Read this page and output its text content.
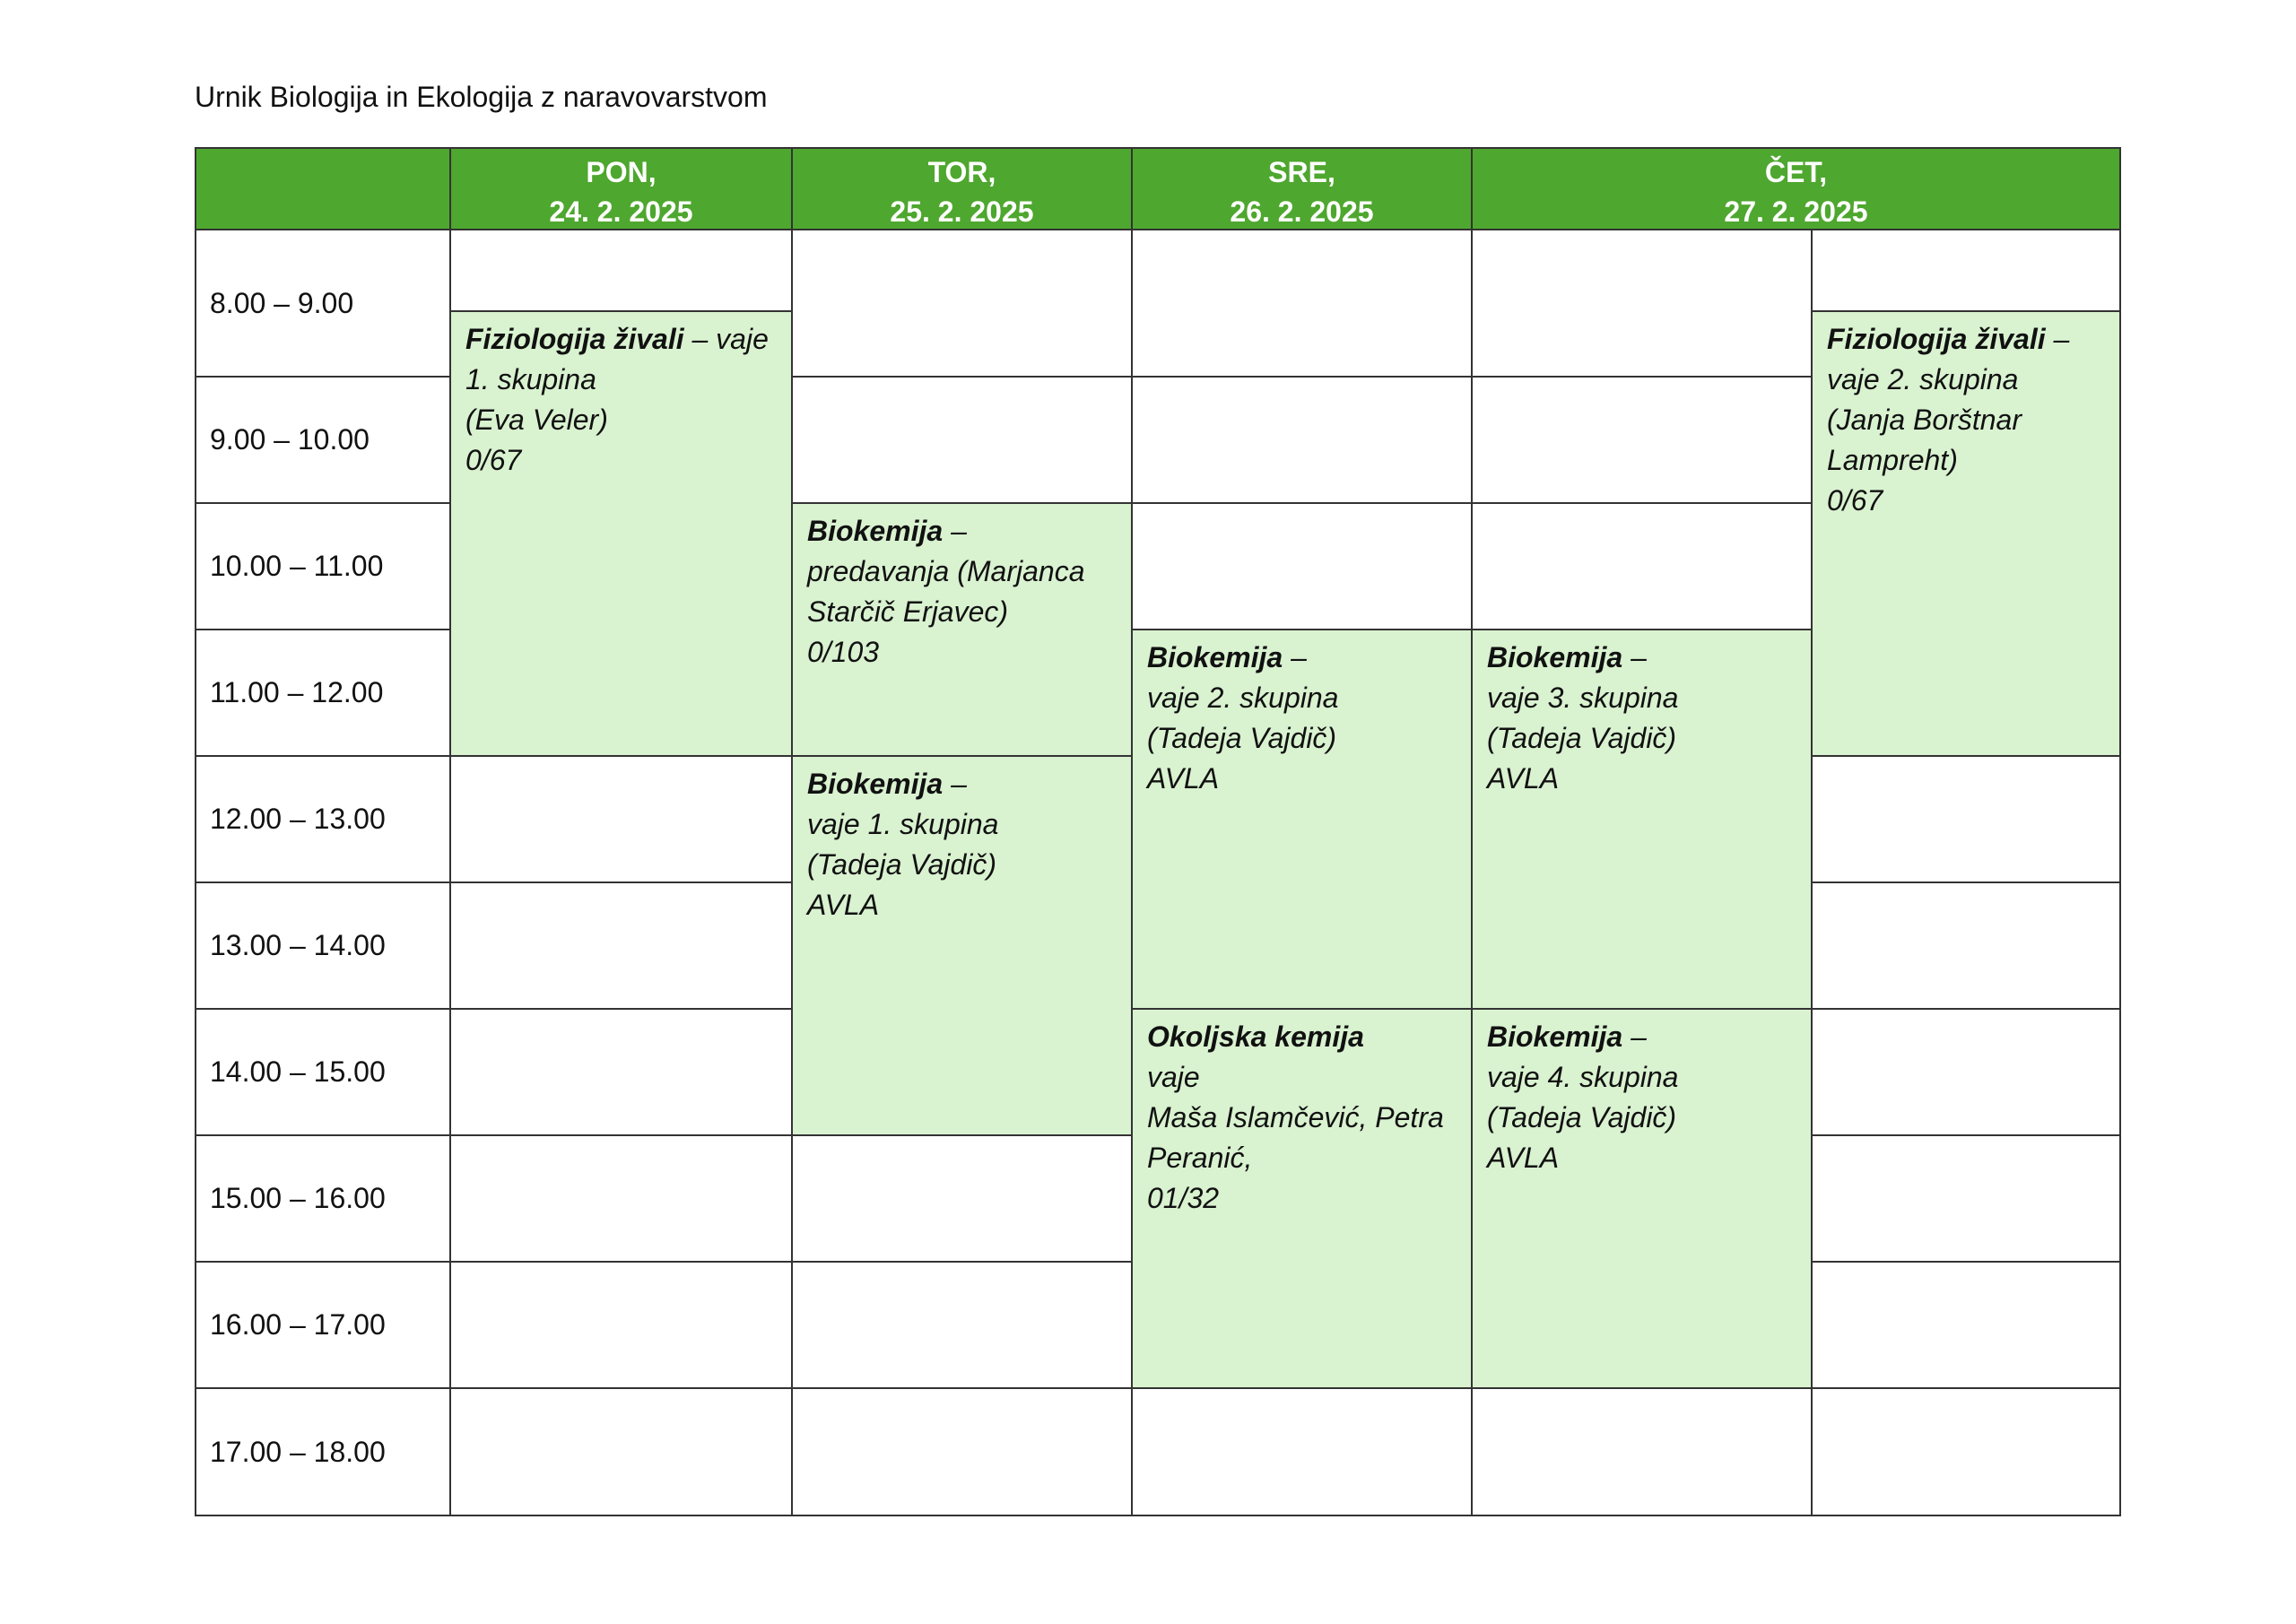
Urnik Biologija in Ekologija z naravovarstvom
PON,
24. 2. 2025
TOR,
25. 2. 2025
SRE,
26. 2. 2025
ČET,
27. 2. 2025
8.00 – 9.00
9.00 – 10.00
10.00 – 11.00
11.00 – 12.00
12.00 – 13.00
13.00 – 14.00
14.00 – 15.00
15.00 – 16.00
16.00 – 17.00
17.00 – 18.00
Fiziologija živali – vaje
1. skupina
(Eva Veler)
0/67
Biokemija –
predavanja (Marjanca
Starčič Erjavec)
0/103
Biokemija –
vaje 1. skupina
(Tadeja Vajdič)
AVLA
Biokemija –
vaje 2. skupina
(Tadeja Vajdič)
AVLA
Okoljska kemija
vaje
Maša Islamčević, Petra
Peranić,
01/32
Biokemija –
vaje 3. skupina
(Tadeja Vajdič)
AVLA
Biokemija –
vaje 4. skupina
(Tadeja Vajdič)
AVLA
Fiziologija živali –
vaje 2. skupina
(Janja Borštnar
Lampreht)
0/67
